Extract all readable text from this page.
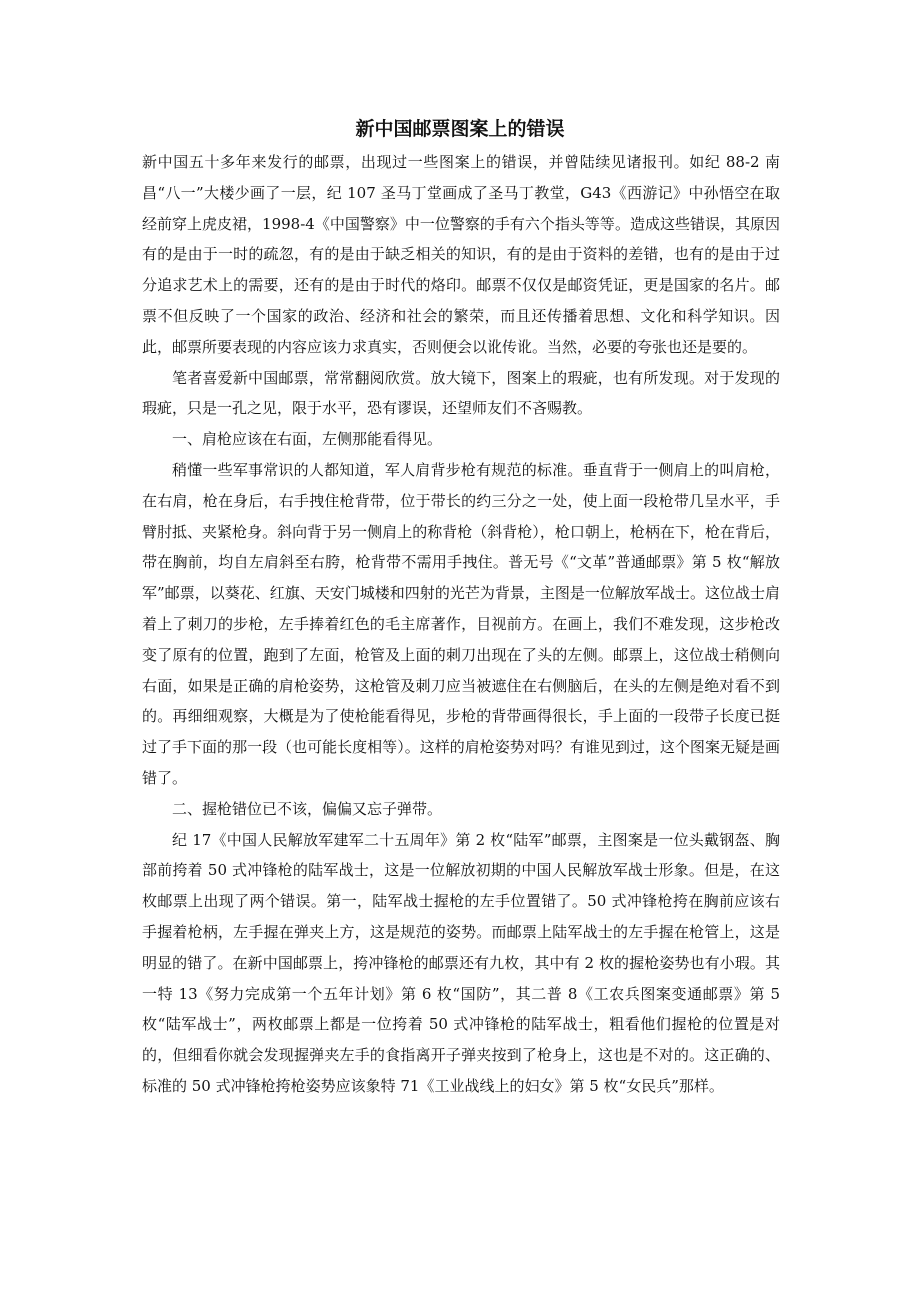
新中国邮票图案上的错误

新中国五十多年来发行的邮票，出现过一些图案上的错误，并曾陆续见诸报刊。如纪 88-2 南昌“八一”大楼少画了一层，纪 107 圣马丁堂画成了圣马丁教堂，G43《西游记》中孙悟空在取经前穿上虎皮裙，1998-4《中国警察》中一位警察的手有六个指头等等。造成这些错误，其原因有的是由于一时的疏忽，有的是由于缺乏相关的知识，有的是由于资料的差错，也有的是由于过分追求艺术上的需要，还有的是由于时代的烙印。邮票不仅仅是邮资凭证，更是国家的名片。邮票不但反映了一个国家的政治、经济和社会的繁荣，而且还传播着思想、文化和科学知识。因此，邮票所要表现的内容应该力求真实，否则便会以讹传讹。当然，必要的夸张也还是要的。

笔者喜爱新中国邮票，常常翻阅欣赏。放大镜下，图案上的瑕疵，也有所发现。对于发现的瑕疵，只是一孔之见，限于水平，恐有谬误，还望师友们不吝赐教。

一、肩枪应该在右面，左侧那能看得见。

稍懂一些军事常识的人都知道，军人肩背步枪有规范的标准。垂直背于一侧肩上的叫肩枪，在右肩，枪在身后，右手拽住枪背带，位于带长的约三分之一处，使上面一段枪带几呈水平，手臂肘抵、夹紧枪身。斜向背于另一侧肩上的称背枪（斜背枪），枪口朝上，枪柄在下，枪在背后，带在胸前，均自左肩斜至右胯，枪背带不需用手拽住。普无号《“文革”普通邮票》第 5 枚“解放军”邮票，以葵花、红旗、天安门城楼和四射的光芒为背景，主图是一位解放军战士。这位战士肩着上了刺刀的步枪，左手捧着红色的毛主席著作，目视前方。在画上，我们不难发现，这步枪改变了原有的位置，跑到了左面，枪管及上面的刺刀出现在了头的左侧。邮票上，这位战士稍侧向右面，如果是正确的肩枪姿势，这枪管及刺刀应当被遮住在右侧脑后，在头的左侧是绝对看不到的。再细细观察，大概是为了使枪能看得见，步枪的背带画得很长，手上面的一段带子长度已挺过了手下面的那一段（也可能长度相等）。这样的肩枪姿势对吗？有谁见到过，这个图案无疑是画错了。

二、握枪错位已不该，偏偏又忘子弹带。

纪 17《中国人民解放军建军二十五周年》第 2 枚“陆军”邮票，主图案是一位头戴钢盔、胸部前挎着 50 式冲锋枪的陆军战士，这是一位解放初期的中国人民解放军战士形象。但是，在这枚邮票上出现了两个错误。第一，陆军战士握枪的左手位置错了。50 式冲锋枪挎在胸前应该右手握着枪柄，左手握在弹夹上方，这是规范的姿势。而邮票上陆军战士的左手握在枪管上，这是明显的错了。在新中国邮票上，挎冲锋枪的邮票还有九枚，其中有 2 枚的握枪姿势也有小瑕。其一特 13《努力完成第一个五年计划》第 6 枚“国防”，其二普 8《工农兵图案变通邮票》第 5 枚“陆军战士”，两枚邮票上都是一位挎着 50 式冲锋枪的陆军战士，粗看他们握枪的位置是对的，但细看你就会发现握弹夹左手的食指离开子弹夹按到了枪身上，这也是不对的。这正确的、标准的 50 式冲锋枪挎枪姿势应该象特 71《工业战线上的妇女》第 5 枚“女民兵”那样。
